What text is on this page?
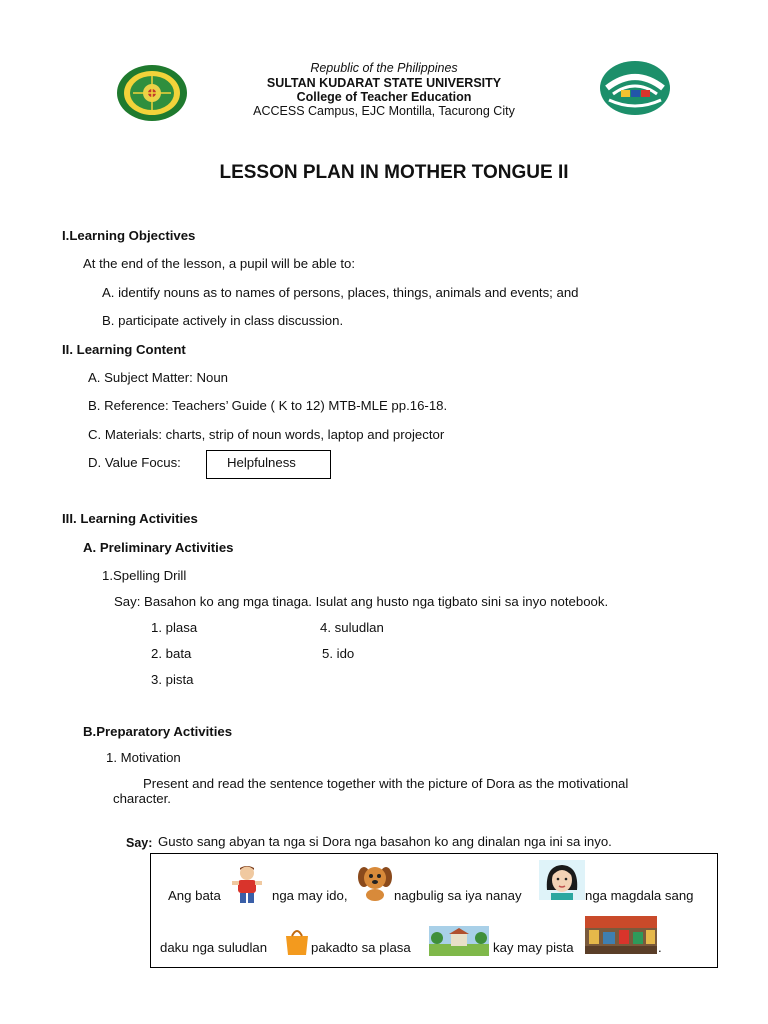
Republic of the Philippines
SULTAN KUDARAT STATE UNIVERSITY
College of Teacher Education
ACCESS Campus, EJC Montilla, Tacurong City
LESSON PLAN IN MOTHER TONGUE II
I.Learning Objectives
At the end of the lesson, a pupil will be able to:
A. identify nouns as to names of persons, places, things, animals and events; and
B. participate actively in class discussion.
II. Learning Content
A. Subject Matter: Noun
B. Reference: Teachers’ Guide ( K to 12) MTB-MLE pp.16-18.
C. Materials: charts, strip of noun words, laptop and projector
D. Value Focus:	Helpfulness
III. Learning Activities
A. Preliminary Activities
1.Spelling Drill
Say: Basahon ko ang mga tinaga. Isulat ang husto nga tigbato sini sa inyo notebook.
1. plasa
2. bata
3. pista
4. suludlan
5. ido
B.Preparatory Activities
1. Motivation
Present and read the sentence together with the picture of Dora as the motivational
character.
Say: Gusto sang abyan ta nga si Dora nga basahon ko ang dinalan nga ini sa inyo.
Ang bata	nga may ido,	nagbulig sa iya nanay	nga magdala sang
daku nga suludlan	pakadto sa plasa	kay may pista	.
